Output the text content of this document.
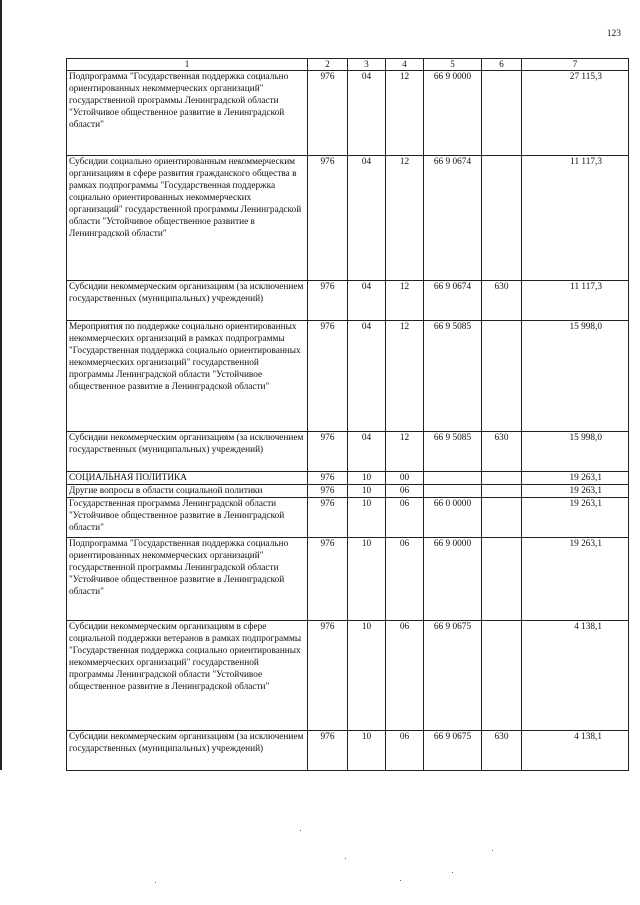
123
1	2	3	4	5	6	7
Подпрограмма "Государственная поддержка социально ориентированных некоммерческих организаций" государственной программы Ленинградской области "Устойчивое общественное развитие в Ленинградской области"	976	04	12	66 9 0000		27 115,3
Субсидии социально ориентированным некоммерческим организациям в сфере развития гражданского общества в рамках подпрограммы "Государственная поддержка социально ориентированных некоммерческих организаций" государственной программы Ленинградской области "Устойчивое общественное развитие в Ленинградской области"	976	04	12	66 9 0674		11 117,3
Субсидии некоммерческим организациям (за исключением государственных (муниципальных) учреждений)	976	04	12	66 9 0674	630	11 117,3
Мероприятия по поддержке социально ориентированных некоммерческих организаций в рамках подпрограммы "Государственная поддержка социально ориентированных некоммерческих организаций" государственной программы Ленинградской области "Устойчивое общественное развитие в Ленинградской области"	976	04	12	66 9 5085		15 998,0
Субсидии некоммерческим организациям (за исключением государственных (муниципальных) учреждений)	976	04	12	66 9 5085	630	15 998,0
СОЦИАЛЬНАЯ ПОЛИТИКА	976	10	00			19 263,1
Другие вопросы в области социальной политики	976	10	06			19 263,1
Государственная программа Ленинградской области "Устойчивое общественное развитие в Ленинградской области"	976	10	06	66 0 0000		19 263,1
Подпрограмма "Государственная поддержка социально ориентированных некоммерческих организаций" государственной программы Ленинградской области "Устойчивое общественное развитие в Ленинградской области"	976	10	06	66 9 0000		19 263,1
Субсидии некоммерческим организациям в сфере социальной поддержки ветеранов в рамках подпрограммы "Государственная поддержка социально ориентированных некоммерческих организаций" государственной программы Ленинградской области "Устойчивое общественное развитие в Ленинградской области"	976	10	06	66 9 0675		4 138,1
Субсидии некоммерческим организациям (за исключением государственных (муниципальных) учреждений)	976	10	06	66 9 0675	630	4 138,1
